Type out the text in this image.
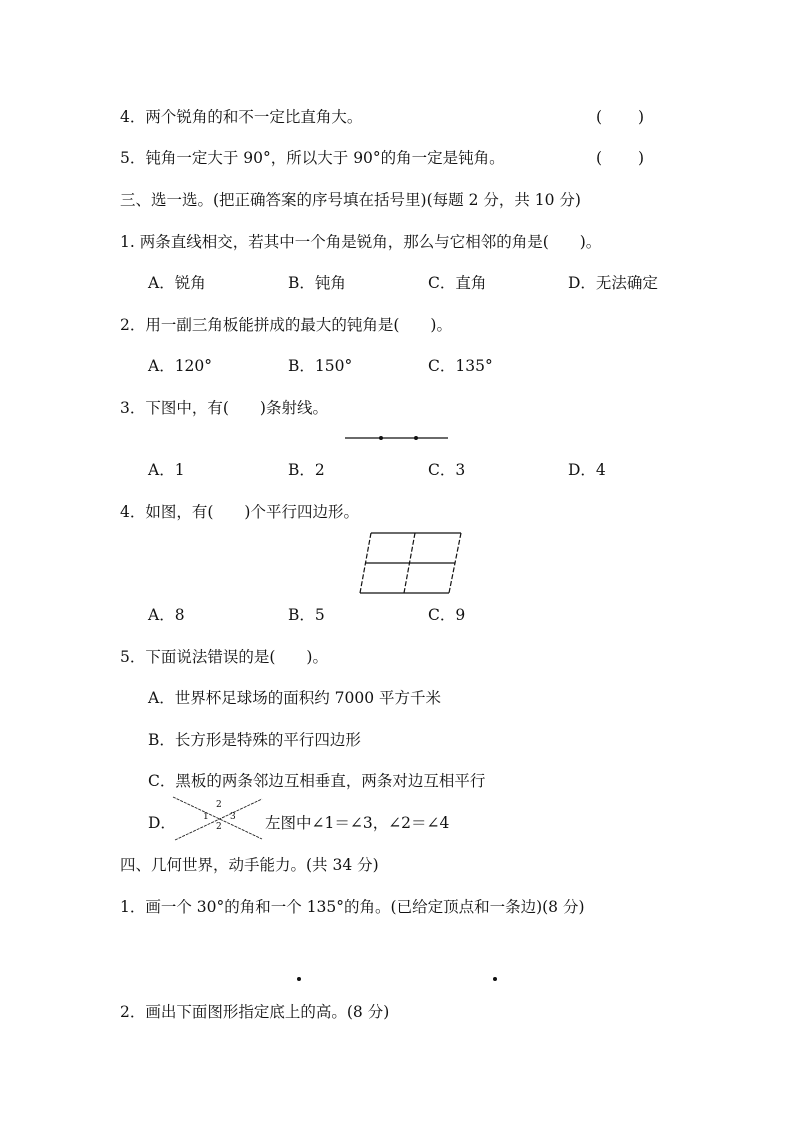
4．两个锐角的和不一定比直角大。	( )
5．钝角一定大于 90°，所以大于 90°的角一定是钝角。	( )
三、选一选。(把正确答案的序号填在括号里)(每题 2 分，共 10 分)
1. 两条直线相交，若其中一个角是锐角，那么与它相邻的角是(　　)。
A．锐角	B．钝角	C．直角	D．无法确定
2．用一副三角板能拼成的最大的钝角是(　　)。
A．120°	B．150°	C．135°
3．下图中，有(　　)条射线。
A．1	B．2	C．3	D．4
4．如图，有(　　)个平行四边形。
A．8	B．5	C．9
5．下面说法错误的是(　　)。
A．世界杯足球场的面积约 7000 平方千米
B．长方形是特殊的平行四边形
C．黑板的两条邻边互相垂直，两条对边互相平行
D．
2
1 3
2	左图中∠1＝∠3，∠2＝∠4
四、几何世界，动手能力。(共 34 分)
1．画一个 30°的角和一个 135°的角。(已给定顶点和一条边)(8 分)
2．画出下面图形指定底上的高。(8 分)
